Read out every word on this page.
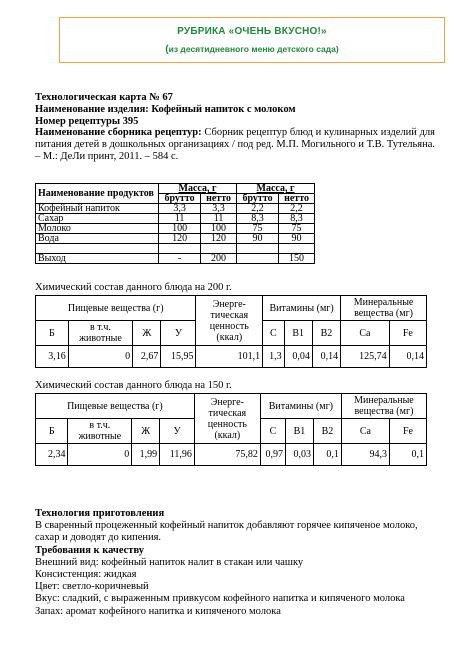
РУБРИКА «ОЧЕНЬ ВКУСНО!»
(из десятидневного меню детского сада)
Технологическая карта № 67
Наименование изделия: Кофейный напиток с молоком
Номер рецептуры 395
Наименование сборника рецептур: Сборник рецептур блюд и кулинарных изделий для питания детей в дошкольных организациях / под ред. М.П. Могильного и Т.В. Тутельяна. – М.: ДеЛи принт, 2011. – 584 с.
Наименование продуктов	Масса, г		Масса, г	
	брутто	нетто	брутто	нетто
Кофейный напиток	3,3	3,3	2,2	2,2
Сахар	11	11	8,3	8,3
Молоко	100	100	75	75
Вода	120	120	90	90

Выход	-	200		150
Химический состав данного блюда на 200 г.
Пищевые вещества (г)				Энерге-тическая ценность (ккал)	Витамины (мг)			Минеральные вещества (мг)	
Б	в т.ч. животные	Ж	У		С	В1	В2	Са	Fe
3,16	0	2,67	15,95	101,1	1,3	0,04	0,14	125,74	0,14
Химический состав данного блюда на 150 г.
Пищевые вещества (г)				Энерге-тическая ценность (ккал)	Витамины (мг)			Минеральные вещества (мг)	
Б	в т.ч. животные	Ж	У		С	В1	В2	Са	Fe
2,34	0	1,99	11,96	75,82	0,97	0,03	0,1	94,3	0,1
Технология приготовления
В сваренный процеженный кофейный напиток добавляют горячее кипяченое молоко, сахар и доводят до кипения.
Требования к качеству
Внешний вид: кофейный напиток налит в стакан или чашку
Консистенция: жидкая
Цвет: светло-коричневый
Вкус: сладкий, с выраженным привкусом кофейного напитка и кипяченого молока
Запах: аромат кофейного напитка и кипяченого молока
